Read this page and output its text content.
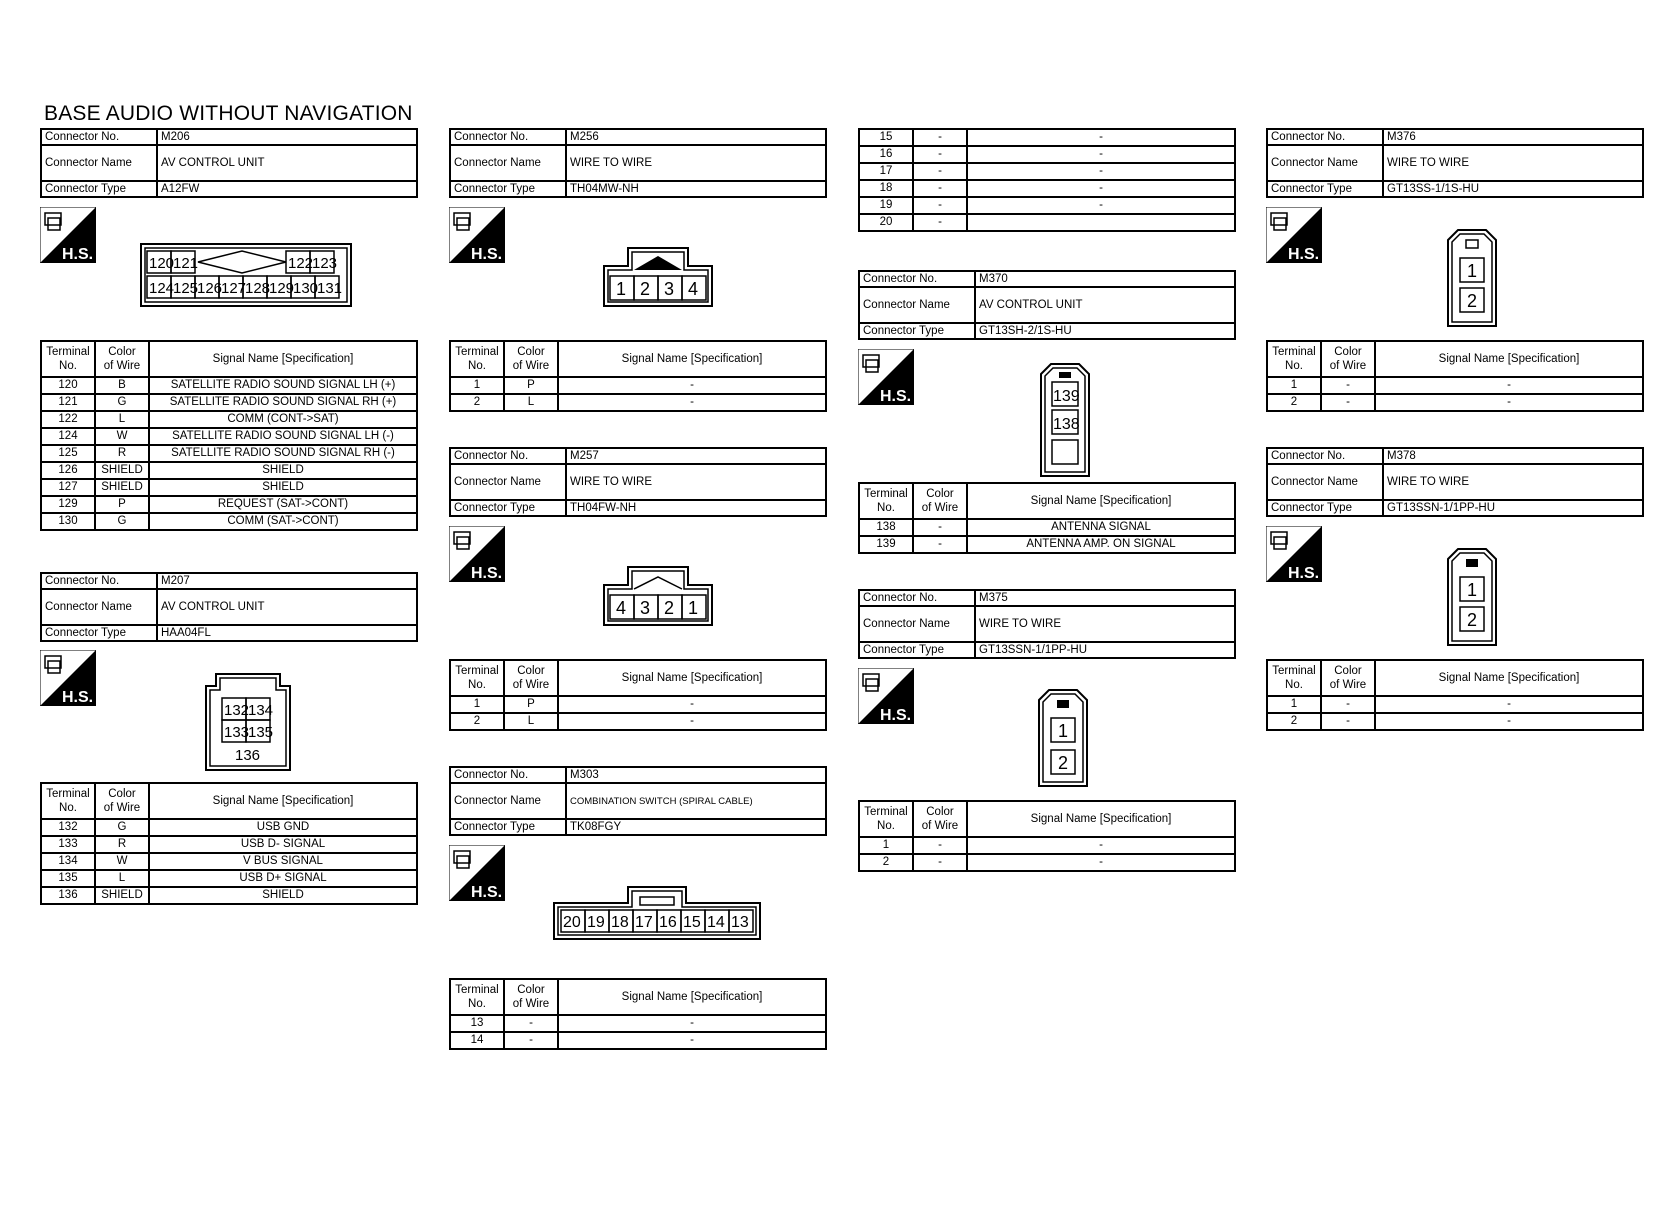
BASE AUDIO WITHOUT NAVIGATION
Connector No.	M206
Connector Name	AV CONTROL UNIT
Connector Type	A12FW
Connector No.	M207
Connector Name	AV CONTROL UNIT
Connector Type	HAA04FL
Connector No.	M256
Connector Name	WIRE TO WIRE
Connector Type	TH04MW-NH
Connector No.	M257
Connector Name	WIRE TO WIRE
Connector Type	TH04FW-NH
Connector No.	M303
Connector Name	COMBINATION SWITCH (SPIRAL CABLE)
Connector Type	TK08FGY
Connector No.	M370
Connector Name	AV CONTROL UNIT
Connector Type	GT13SH-2/1S-HU
Connector No.	M375
Connector Name	WIRE TO WIRE
Connector Type	GT13SSN-1/1PP-HU
Connector No.	M376
Connector Name	WIRE TO WIRE
Connector Type	GT13SS-1/1S-HU
Connector No.	M378
Connector Name	WIRE TO WIRE
Connector Type	GT13SSN-1/1PP-HU
H.S.
H.S.
H.S.
H.S.
H.S.
H.S.
H.S.
H.S.
H.S.
120
121	122
123
124
125
126
127
128
129
130
131
132
134
133
135
136
1 2 3 4
4 3 2 1
20 19 18 17 16 15 14 13
139
138
1
2
1
2
1
2
Terminal
No.	Color
of Wire	Signal Name [Specification]
120	B	SATELLITE RADIO SOUND SIGNAL LH (+)
121	G	SATELLITE RADIO SOUND SIGNAL RH (+)
122	L	COMM (CONT->SAT)
124	W	SATELLITE RADIO SOUND SIGNAL LH (-)
125	R	SATELLITE RADIO SOUND SIGNAL RH (-)
126	SHIELD	SHIELD
127	SHIELD	SHIELD
129	P	REQUEST (SAT->CONT)
130	G	COMM (SAT->CONT)
Terminal
No.	Color
of Wire	Signal Name [Specification]
132	G	USB GND
133	R	USB D- SIGNAL
134	W	V BUS SIGNAL
135	L	USB D+ SIGNAL
136	SHIELD	SHIELD
Terminal
No.	Color
of Wire	Signal Name [Specification]
1	P	-
2	L	-
Terminal
No.	Color
of Wire	Signal Name [Specification]
1	P	-
2	L	-
Terminal
No.	Color
of Wire	Signal Name [Specification]
13	-	-
14	-	-
15	-	-
16	-	-
17	-	-
18	-	-
19	-	-
20	-	
Terminal
No.	Color
of Wire	Signal Name [Specification]
138	-	ANTENNA SIGNAL
139	-	ANTENNA AMP. ON SIGNAL
Terminal
No.	Color
of Wire	Signal Name [Specification]
1	-	-
2	-	-
Terminal
No.	Color
of Wire	Signal Name [Specification]
1	-	-
2	-	-
Terminal
No.	Color
of Wire	Signal Name [Specification]
1	-	-
2	-	-
